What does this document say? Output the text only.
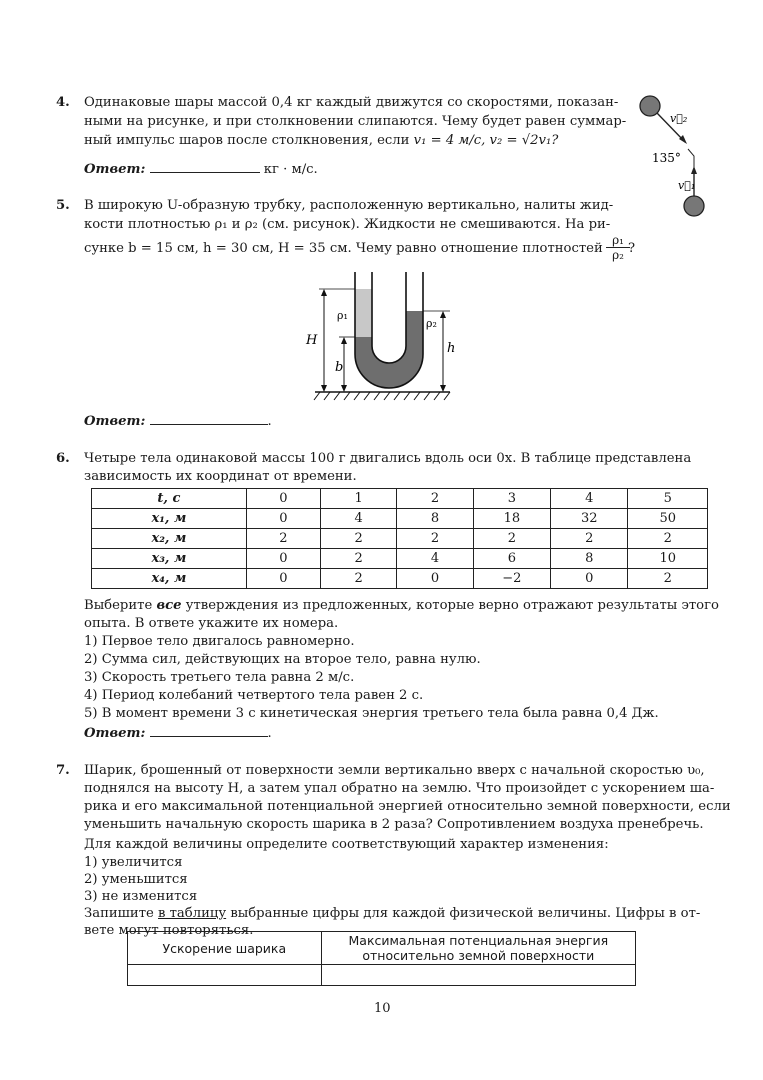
4. Одинаковые шары массой 0,4 кг каждый движутся со скоростями, показан-
ными на рисунке, и при столкновении слипаются. Чему будет равен суммар-
ный импульс шаров после столкновения, если v₁ = 4 м/с, v₂ = √2v₁?
Ответ:	кг · м/с.
v⃗₂
v⃗₁
135°
5. В широкую U-образную трубку, расположенную вертикально, налиты жид-
кости плотностью ρ₁ и ρ₂ (см. рисунок). Жидкости не смешиваются. На ри-
сунке b = 15 см, h = 30 см, H = 35 см. Чему равно отношение плотностей $\frac{\text{ρ₁}}{\text{ρ₂}}$
?
H
b
h
ρ₁
ρ₂
Ответ:	.
6. Четыре тела одинаковой массы 100 г двигались вдоль оси 0x. В таблице представлена
зависимость их координат от времени.
t, с	0	1	2	3	4	5
x₁, м	0	4	8	18	32	50
x₂, м	2	2	2	2	2	2
x₃, м	0	2	4	6	8	10
x₄, м	0	2	0	−2	0	2
Выберите все утверждения из предложенных, которые верно отражают результаты этого
опыта. В ответе укажите их номера.
1) Первое тело двигалось равномерно.
2) Сумма сил, действующих на второе тело, равна нулю.
3) Скорость третьего тела равна 2 м/с.
4) Период колебаний четвертого тела равен 2 с.
5) В момент времени 3 с кинетическая энергия третьего тела была равна 0,4 Дж.
Ответ:	.
7. Шарик, брошенный от поверхности земли вертикально вверх с начальной скоростью υ₀,
поднялся на высоту H, а затем упал обратно на землю. Что произойдет с ускорением ша-
рика и его максимальной потенциальной энергией относительно земной поверхности, если
уменьшить начальную скорость шарика в 2 раза? Сопротивлением воздуха пренебречь.
Для каждой величины определите соответствующий характер изменения:
1) увеличится
2) уменьшится
3) не изменится
Запишите в таблицу выбранные цифры для каждой физической величины. Цифры в от-
вете могут повторяться.
Ускорение шарика	Максимальная потенциальная энергия
относительно земной поверхности

10
